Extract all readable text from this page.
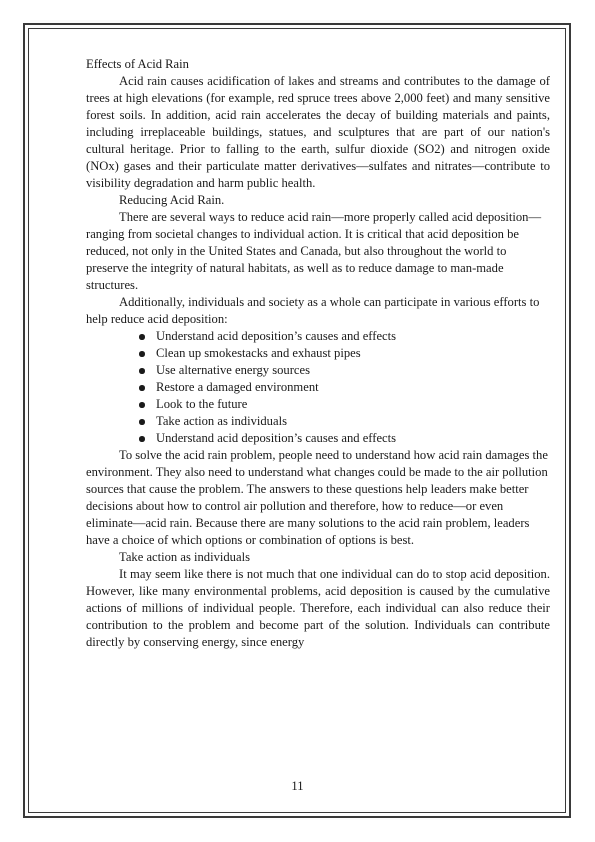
Effects of Acid Rain

Acid rain causes acidification of lakes and streams and contributes to the damage of trees at high elevations (for example, red spruce trees above 2,000 feet) and many sensitive forest soils. In addition, acid rain accelerates the decay of building materials and paints, including irreplaceable buildings, statues, and sculptures that are part of our nation's cultural heritage. Prior to falling to the earth, sulfur dioxide (SO2) and nitrogen oxide (NOx) gases and their particulate matter derivatives—sulfates and nitrates—contribute to visibility degradation and harm public health.

Reducing Acid Rain.

There are several ways to reduce acid rain—more properly called acid deposition—ranging from societal changes to individual action. It is critical that acid deposition be reduced, not only in the United States and Canada, but also throughout the world to preserve the integrity of natural habitats, as well as to reduce damage to man-made structures.

Additionally, individuals and society as a whole can participate in various efforts to help reduce acid deposition:

Understand acid deposition’s causes and effects
Clean up smokestacks and exhaust pipes
Use alternative energy sources
Restore a damaged environment
Look to the future
Take action as individuals
Understand acid deposition’s causes and effects

To solve the acid rain problem, people need to understand how acid rain damages the environment. They also need to understand what changes could be made to the air pollution sources that cause the problem. The answers to these questions help leaders make better decisions about how to control air pollution and therefore, how to reduce—or even eliminate—acid rain. Because there are many solutions to the acid rain problem, leaders have a choice of which options or combination of options is best.

Take action as individuals

It may seem like there is not much that one individual can do to stop acid deposition. However, like many environmental problems, acid deposition is caused by the cumulative actions of millions of individual people. Therefore, each individual can also reduce their contribution to the problem and become part of the solution. Individuals can contribute directly by conserving energy, since energy

11
